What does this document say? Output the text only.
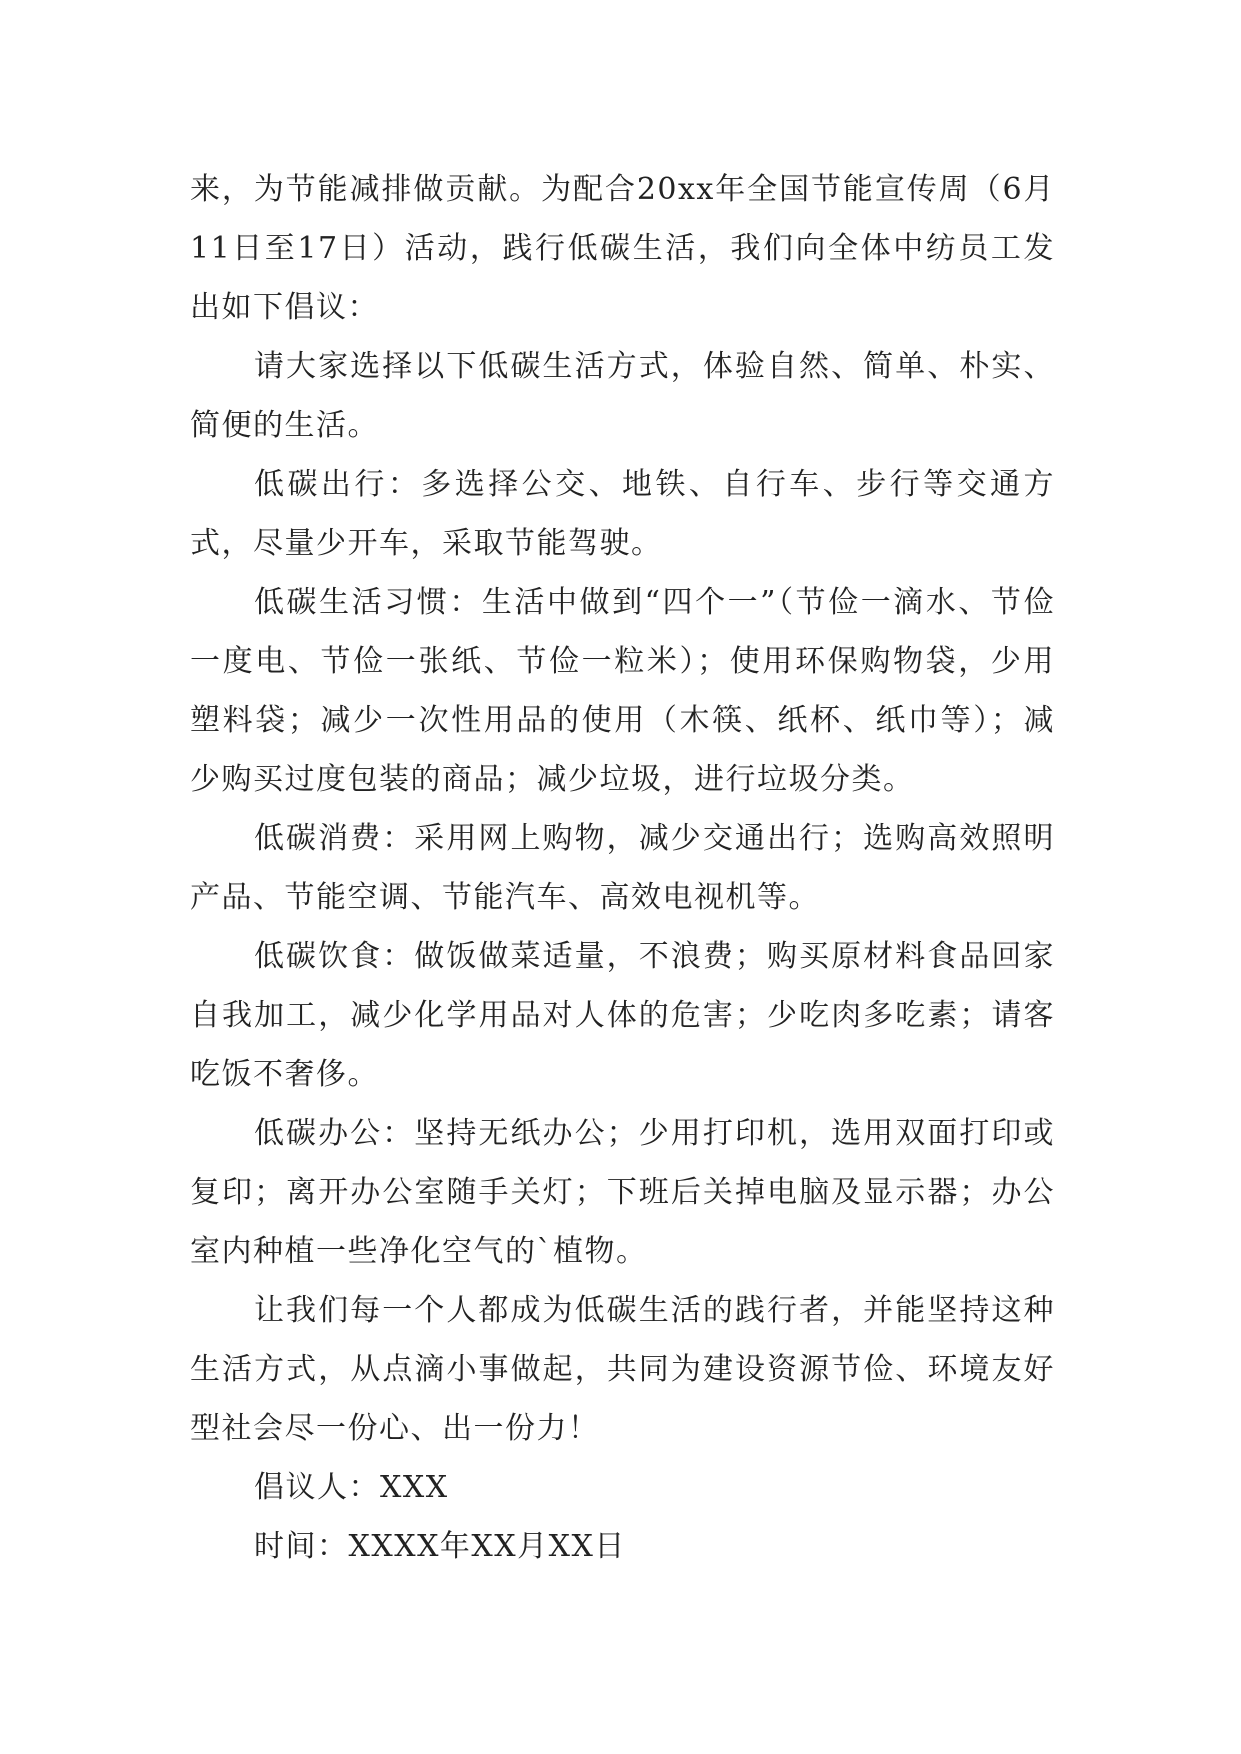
来，为节能减排做贡献。为配合20xx年全国节能宣传周（6月11日至17日）活动，践行低碳生活，我们向全体中纺员工发出如下倡议：

请大家选择以下低碳生活方式，体验自然、简单、朴实、简便的生活。

低碳出行：多选择公交、地铁、自行车、步行等交通方式，尽量少开车，采取节能驾驶。

低碳生活习惯：生活中做到“四个一”（节俭一滴水、节俭一度电、节俭一张纸、节俭一粒米）；使用环保购物袋，少用塑料袋；减少一次性用品的使用（木筷、纸杯、纸巾等）；减少购买过度包装的商品；减少垃圾，进行垃圾分类。

低碳消费：采用网上购物，减少交通出行；选购高效照明产品、节能空调、节能汽车、高效电视机等。

低碳饮食：做饭做菜适量，不浪费；购买原材料食品回家自我加工，减少化学用品对人体的危害；少吃肉多吃素；请客吃饭不奢侈。

低碳办公：坚持无纸办公；少用打印机，选用双面打印或复印；离开办公室随手关灯；下班后关掉电脑及显示器；办公室内种植一些净化空气的`植物。

让我们每一个人都成为低碳生活的践行者，并能坚持这种生活方式，从点滴小事做起，共同为建设资源节俭、环境友好型社会尽一份心、出一份力！

倡议人：XXX

时间：XXXX年XX月XX日
